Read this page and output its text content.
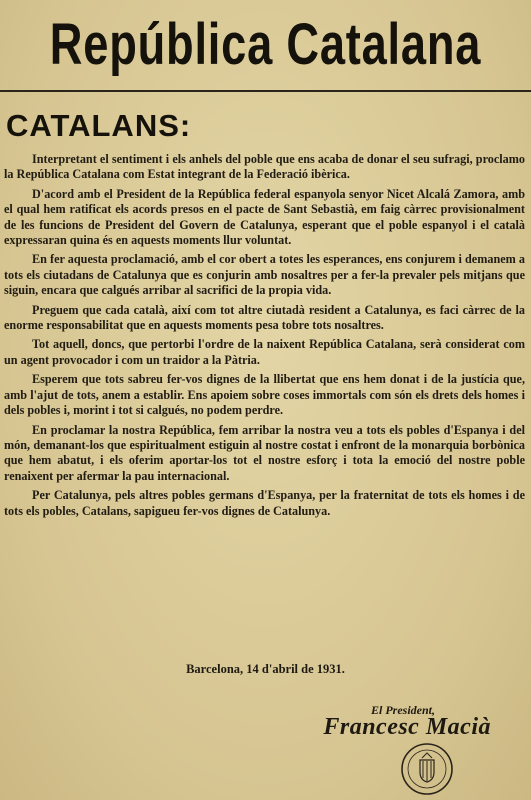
República Catalana
CATALANS:

Interpretant el sentiment i els anhels del poble que ens acaba de donar el seu sufragi, proclamo la República Catalana com Estat integrant de la Federació ibèrica.

D'acord amb el President de la República federal espanyola senyor Nicet Alcalá Zamora, amb el qual hem ratificat els acords presos en el pacte de Sant Sebastià, em faig càrrec provisionalment de les funcions de President del Govern de Catalunya, esperant que el poble espanyol i el català expressaran quina és en aquests moments llur voluntat.

En fer aquesta proclamació, amb el cor obert a totes les esperances, ens conjurem i demanem a tots els ciutadans de Catalunya que es conjurin amb nosaltres per a fer-la prevaler pels mitjans que siguin, encara que calgués arribar al sacrifici de la propia vida.

Preguem que cada català, així com tot altre ciutadà resident a Catalunya, es faci càrrec de la enorme responsabilitat que en aquests moments pesa tobre tots nosaltres.

Tot aquell, doncs, que pertorbi l'ordre de la naixent República Catalana, serà considerat com un agent provocador i com un traidor a la Pàtria.

Esperem que tots sabreu fer-vos dignes de la llibertat que ens hem donat i de la justícia que, amb l'ajut de tots, anem a establir. Ens apoiem sobre coses immortals com són els drets dels homes i dels pobles i, morint i tot si calgués, no podem perdre.

En proclamar la nostra República, fem arribar la nostra veu a tots els pobles d'Espanya i del món, demanant-los que espiritualment estiguin al nostre costat i enfront de la monarquia borbònica que hem abatut, i els oferim aportar-los tot el nostre esforç i tota la emoció del nostre poble renaixent per afermar la pau internacional.

Per Catalunya, pels altres pobles germans d'Espanya, per la fraternitat de tots els homes i de tots els pobles, Catalans, sapigueu fer-vos dignes de Catalunya.

Barcelona, 14 d'abril de 1931.
El President,
Francesc Macià
